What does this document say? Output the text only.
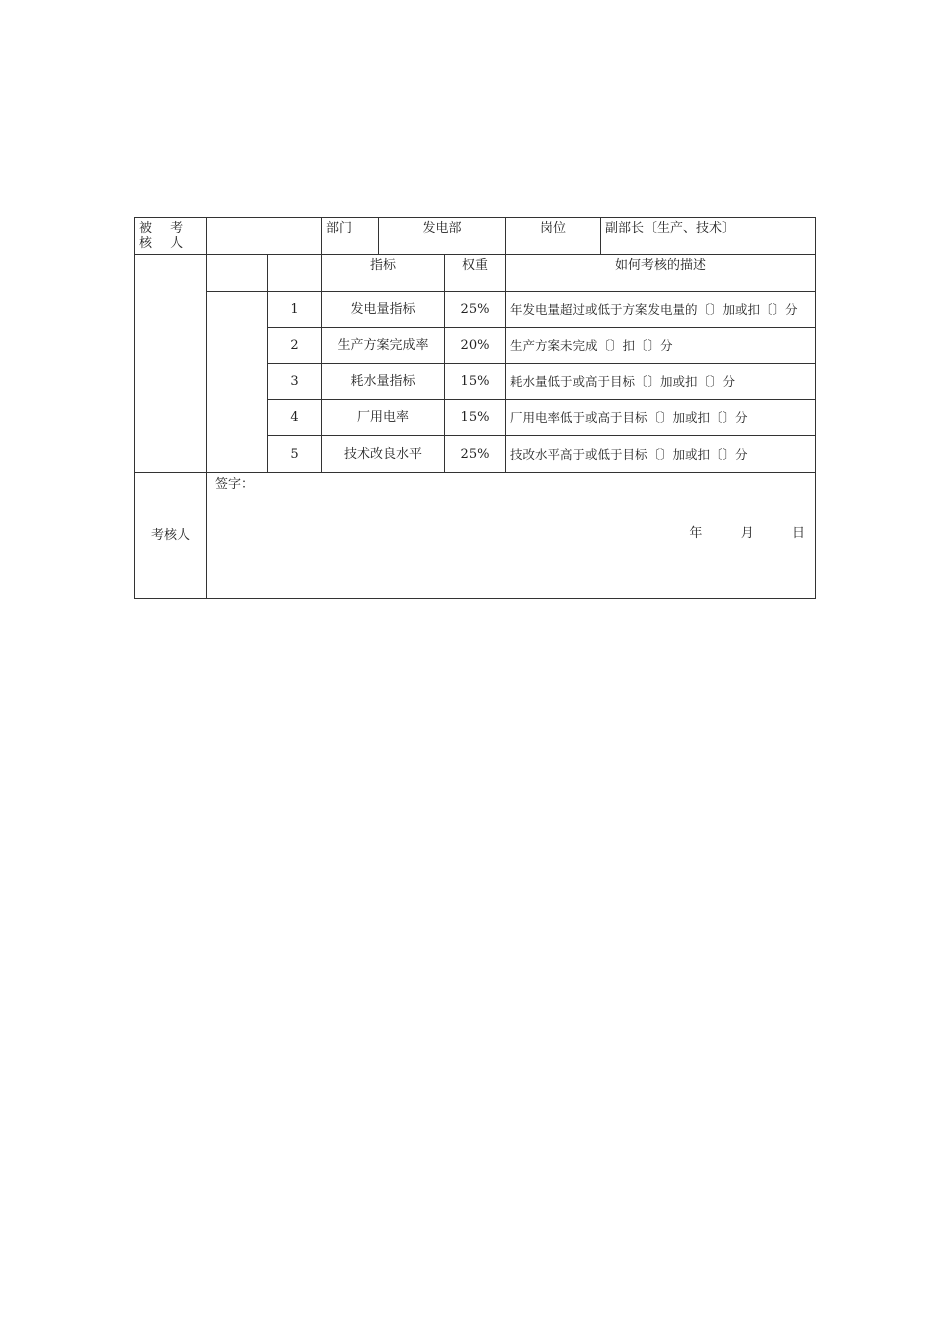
被 考 核 人			部门	发电部		岗位	副部长〔生产、技术〕
			指标		权重	如何考核的描述	
		1	发电量指标		25%	年发电量超过或低于方案发电量的〔〕加或扣〔〕分	
		2	生产方案完成率		20%	生产方案未完成〔〕扣〔〕分	
		3	耗水量指标		15%	耗水量低于或高于目标〔〕加或扣〔〕分	
		4	厂用电率		15%	厂用电率低于或高于目标〔〕加或扣〔〕分	
		5	技术改良水平		25%	技改水平高于或低于目标〔〕加或扣〔〕分	
考核人	签字：
年 月 日						
